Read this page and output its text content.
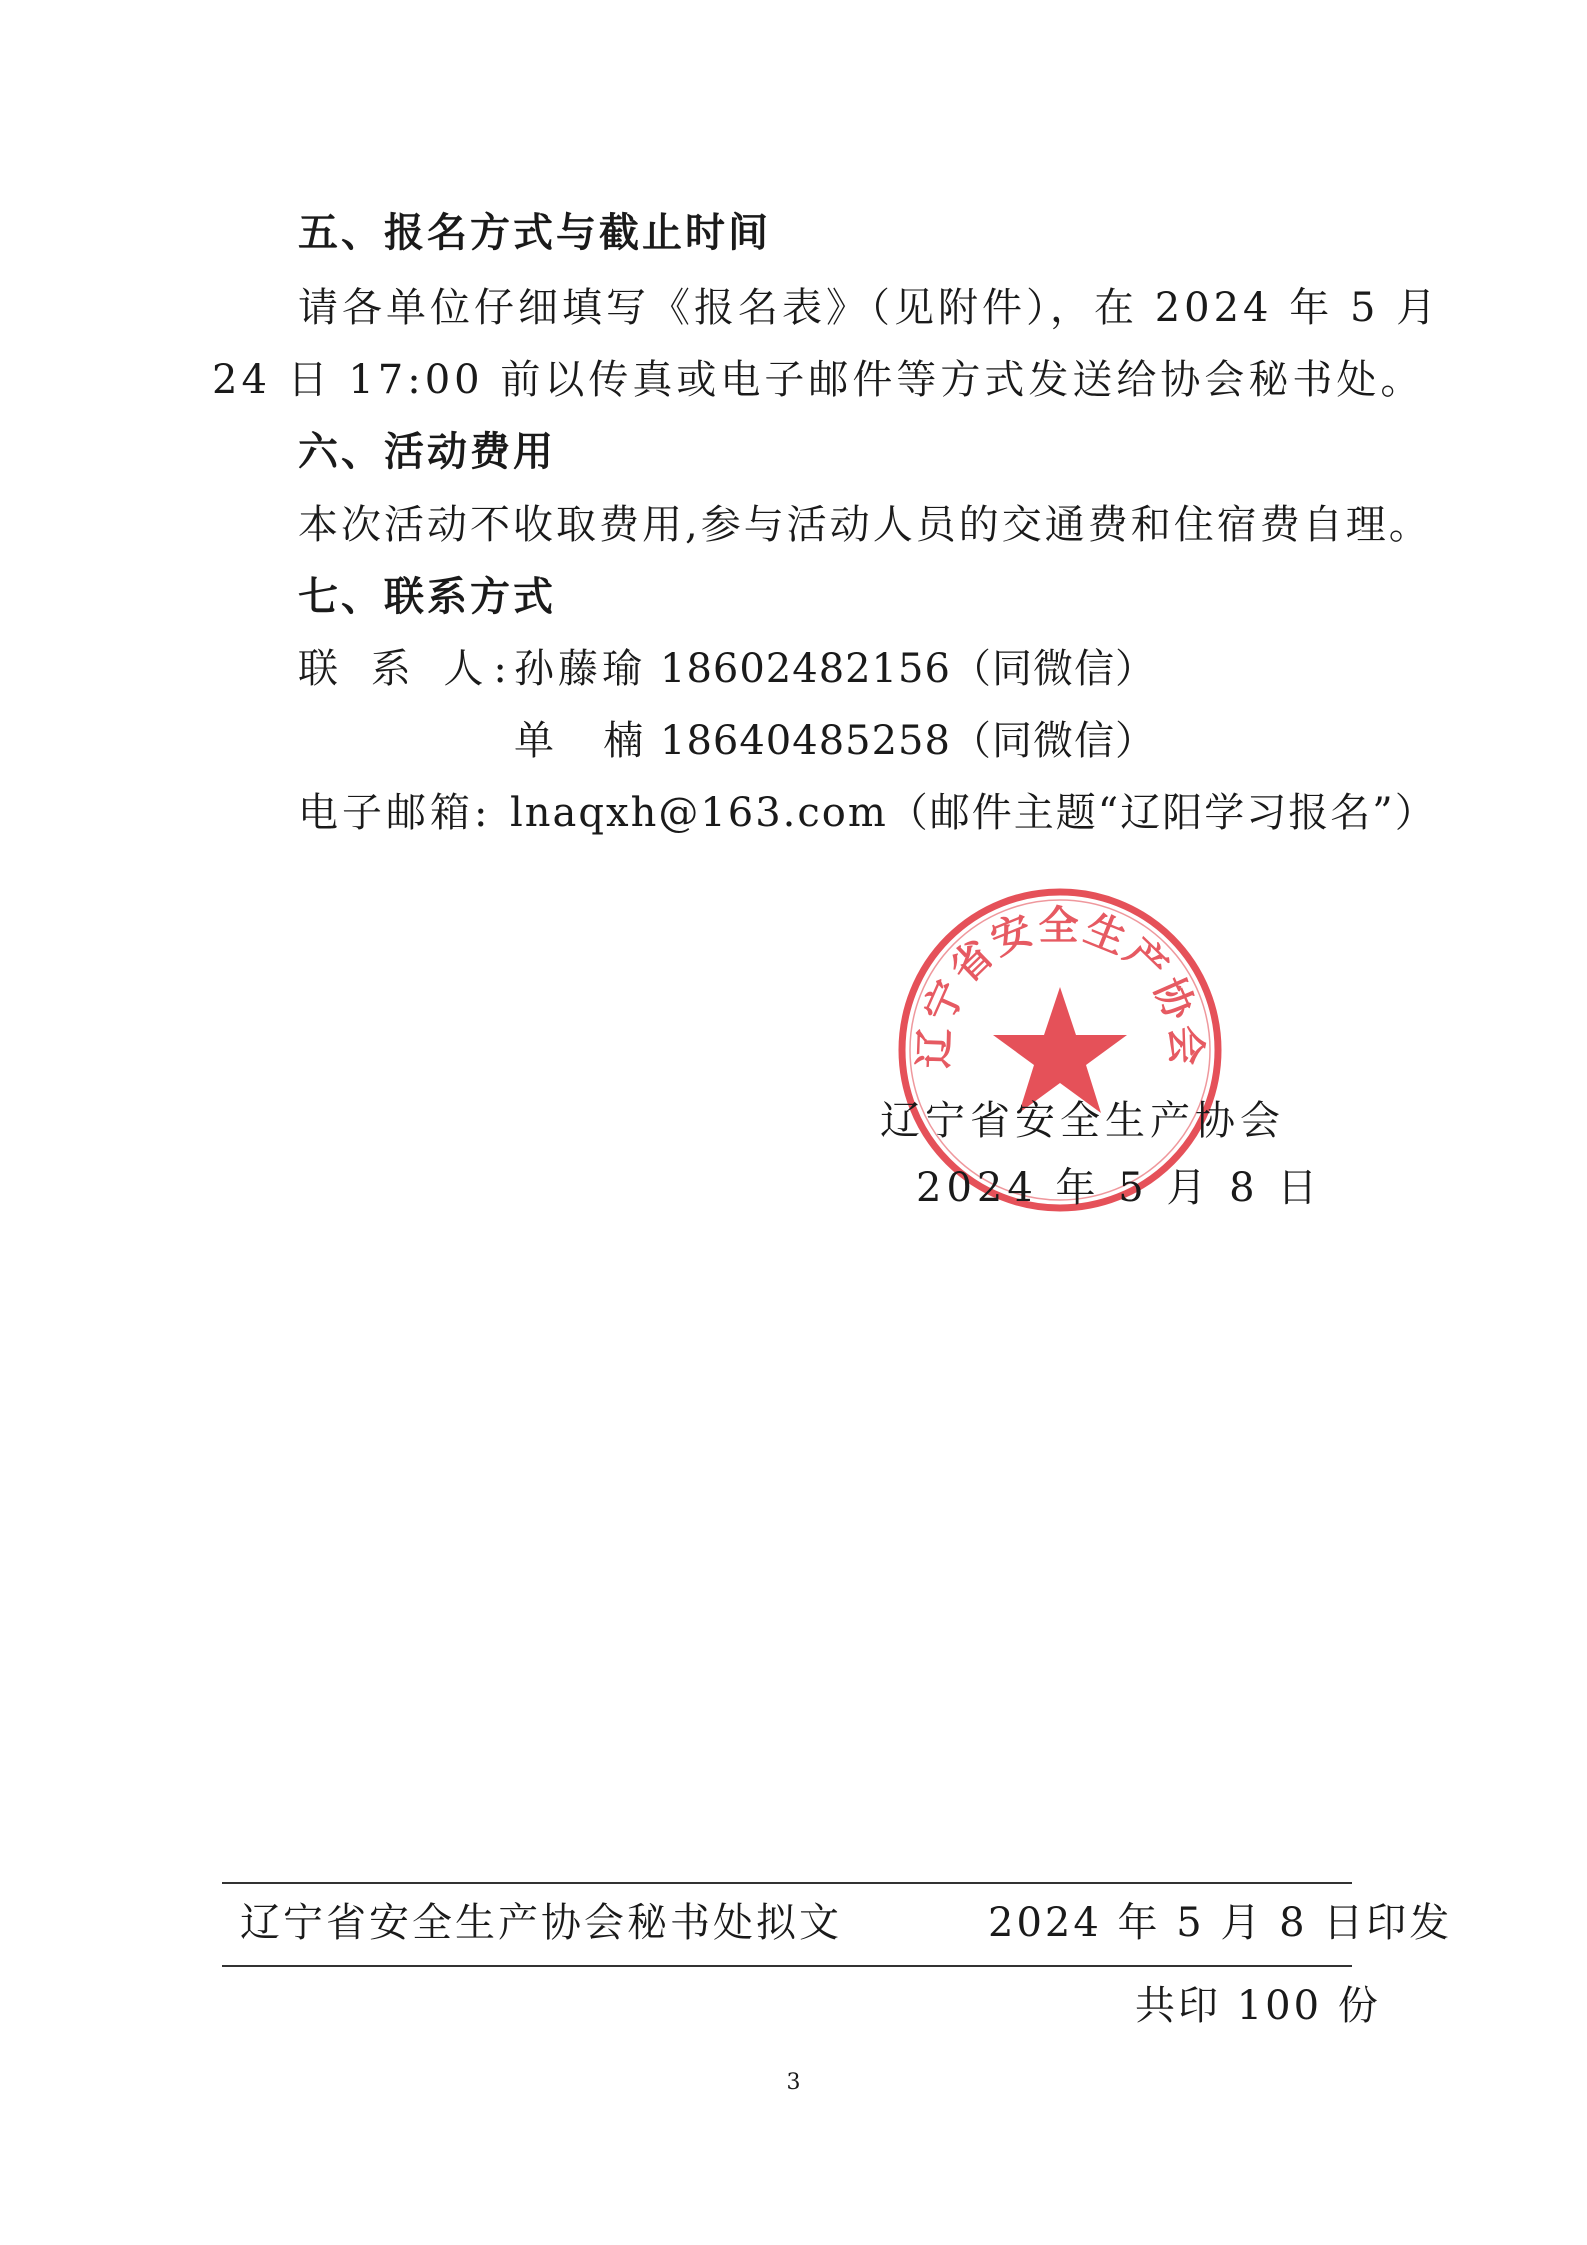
五、报名方式与截止时间
请各单位仔细填写《报名表》（见附件），在 2024 年 5 月
24 日 17:00 前以传真或电子邮件等方式发送给协会秘书处。
六、活动费用
本次活动不收取费用,参与活动人员的交通费和住宿费自理。
七、联系方式
联 系 人:
孙藤瑜 18602482156（同微信）
单  楠 18640485258（同微信）
电子邮箱: lnaqxh@163.com（邮件主题“辽阳学习报名”）
辽宁省安全生产协会
辽宁省安全生产协会
2024 年 5 月 8 日
辽宁省安全生产协会秘书处拟文	2024 年 5 月 8 日印发
共印 100 份
3
